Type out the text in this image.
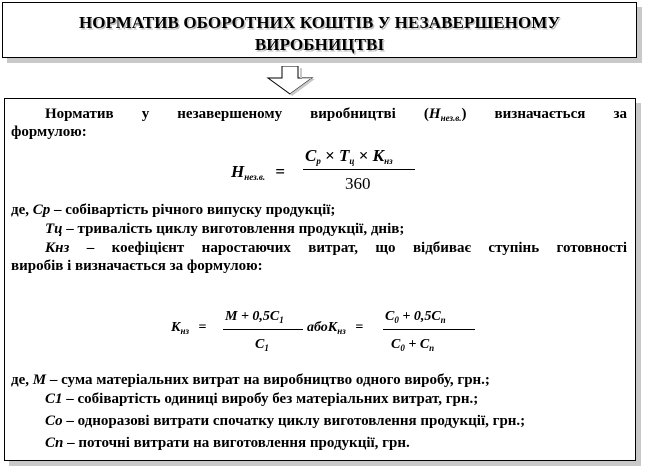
НОРМАТИВ ОБОРОТНИХ КОШТІВ У НЕЗАВЕРШЕНОМУ
ВИРОБНИЦТВІ
Норматив у незавершеному виробництві $(Н_{нез.в.})$ визначається за
формулою:
Ннез.в. =
Ср × Тц × Кнз
360
де, Ср – собівартість річного випуску продукції;
Тц – тривалість циклу виготовлення продукції, днів;
Кнз – коефіцієнт наростаючих витрат, що відбиває ступінь готовності
виробів і визначається за формулою:
$К_{нз}$ =
$М + 0,5С_1$
$С_1$
абоК$_{нз}$ =
$С_0 + 0,5С_п$
$С_0 + С_п$
де, М – сума матеріальних витрат на виробництво одного виробу, грн.;
С1 – собівартість одиниці виробу без матеріальних витрат, грн.;
Со – одноразові витрати спочатку циклу виготовлення продукції, грн.;
Сп – поточні витрати на виготовлення продукції, грн.
